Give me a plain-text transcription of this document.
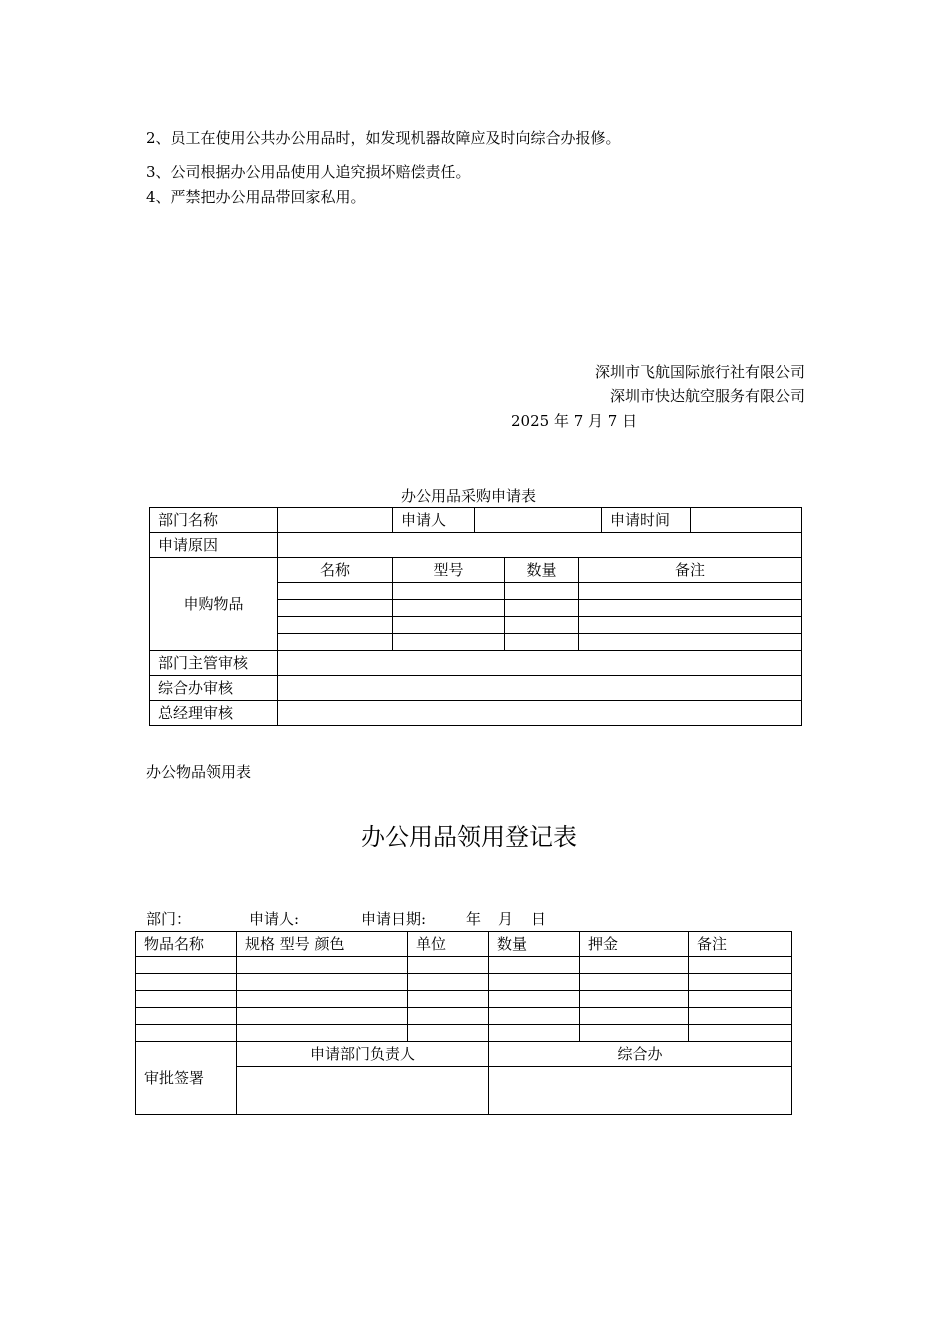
2、员工在使用公共办公用品时，如发现机器故障应及时向综合办报修。

3、公司根据办公用品使用人追究损坏赔偿责任。

4、严禁把办公用品带回家私用。

深圳市飞航国际旅行社有限公司
深圳市快达航空服务有限公司
2025 年 7 月 7 日
办公用品采购申请表
部门名称		申请人				申请时间	
申请原因							
申购物品	名称	型号		数量	备注		

部门主管审核							
综合办审核							
总经理审核							
办公物品领用表
办公用品领用登记表
部门：	申请人:	申请日期:	年 月 日
物品名称	规格 型号 颜色	单位	数量	押金	备注

审批签署	申请部门负责人		综合办		
